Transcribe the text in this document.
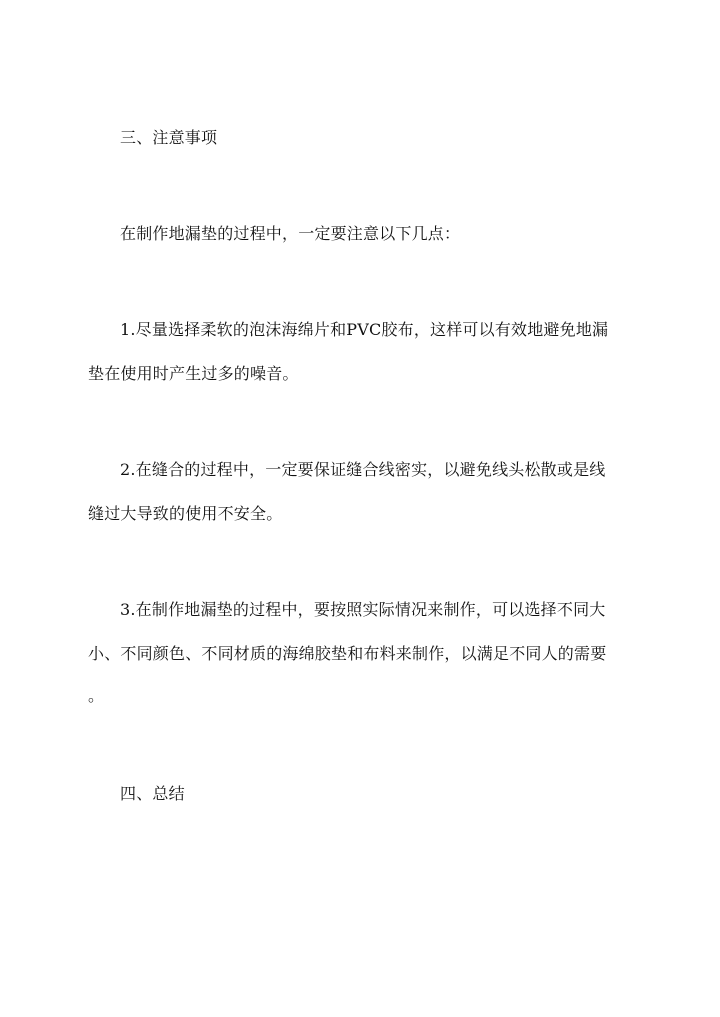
三、注意事项
在制作地漏垫的过程中，一定要注意以下几点：
1.尽量选择柔软的泡沫海绵片和PVC胶布，这样可以有效地避免地漏
垫在使用时产生过多的噪音。
2.在缝合的过程中，一定要保证缝合线密实，以避免线头松散或是线
缝过大导致的使用不安全。
3.在制作地漏垫的过程中，要按照实际情况来制作，可以选择不同大
小、不同颜色、不同材质的海绵胶垫和布料来制作，以满足不同人的需要
。
四、总结
